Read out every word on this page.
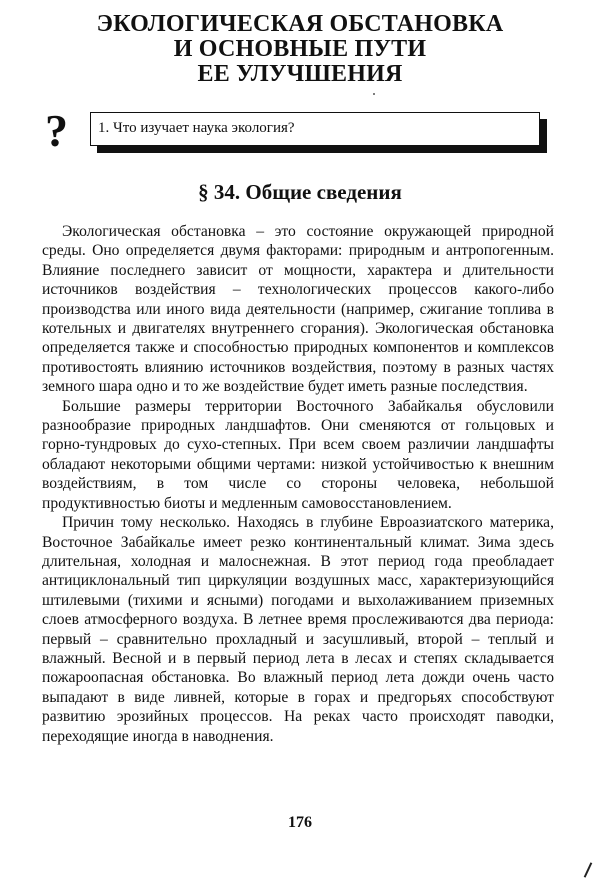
ЭКОЛОГИЧЕСКАЯ ОБСТАНОВКА
И ОСНОВНЫЕ ПУТИ
ЕЕ УЛУЧШЕНИЯ
? 1. Что изучает наука экология?
§ 34. Общие сведения

Экологическая обстановка – это состояние окружающей природной среды. Оно определяется двумя факторами: природным и антропогенным. Влияние последнего зависит от мощности, характера и длительности источников воздействия – технологических процессов какого-либо производства или иного вида деятельности (например, сжигание топлива в котельных и двигателях внутреннего сгорания). Экологическая обстановка определяется также и способностью природных компонентов и комплексов противостоять влиянию источников воздействия, поэтому в разных частях земного шара одно и то же воздействие будет иметь разные последствия.

Большие размеры территории Восточного Забайкалья обусловили разнообразие природных ландшафтов. Они сменяются от гольцовых и горно-тундровых до сухо-степных. При всем своем различии ландшафты обладают некоторыми общими чертами: низкой устойчивостью к внешним воздействиям, в том числе со стороны человека, небольшой продуктивностью биоты и медленным самовосстановлением.

Причин тому несколько. Находясь в глубине Евроазиатского материка, Восточное Забайкалье имеет резко континентальный климат. Зима здесь длительная, холодная и малоснежная. В этот период года преобладает антициклональный тип циркуляции воздушных масс, характеризующийся штилевыми (тихими и ясными) погодами и выхолаживанием приземных слоев атмосферного воздуха. В летнее время прослеживаются два периода: первый – сравнительно прохладный и засушливый, второй – теплый и влажный. Весной и в первый период лета в лесах и степях складывается пожароопасная обстановка. Во влажный период лета дожди очень часто выпадают в виде ливней, которые в горах и предгорьях способствуют развитию эрозийных процессов. На реках часто происходят паводки, переходящие иногда в наводнения.

176
